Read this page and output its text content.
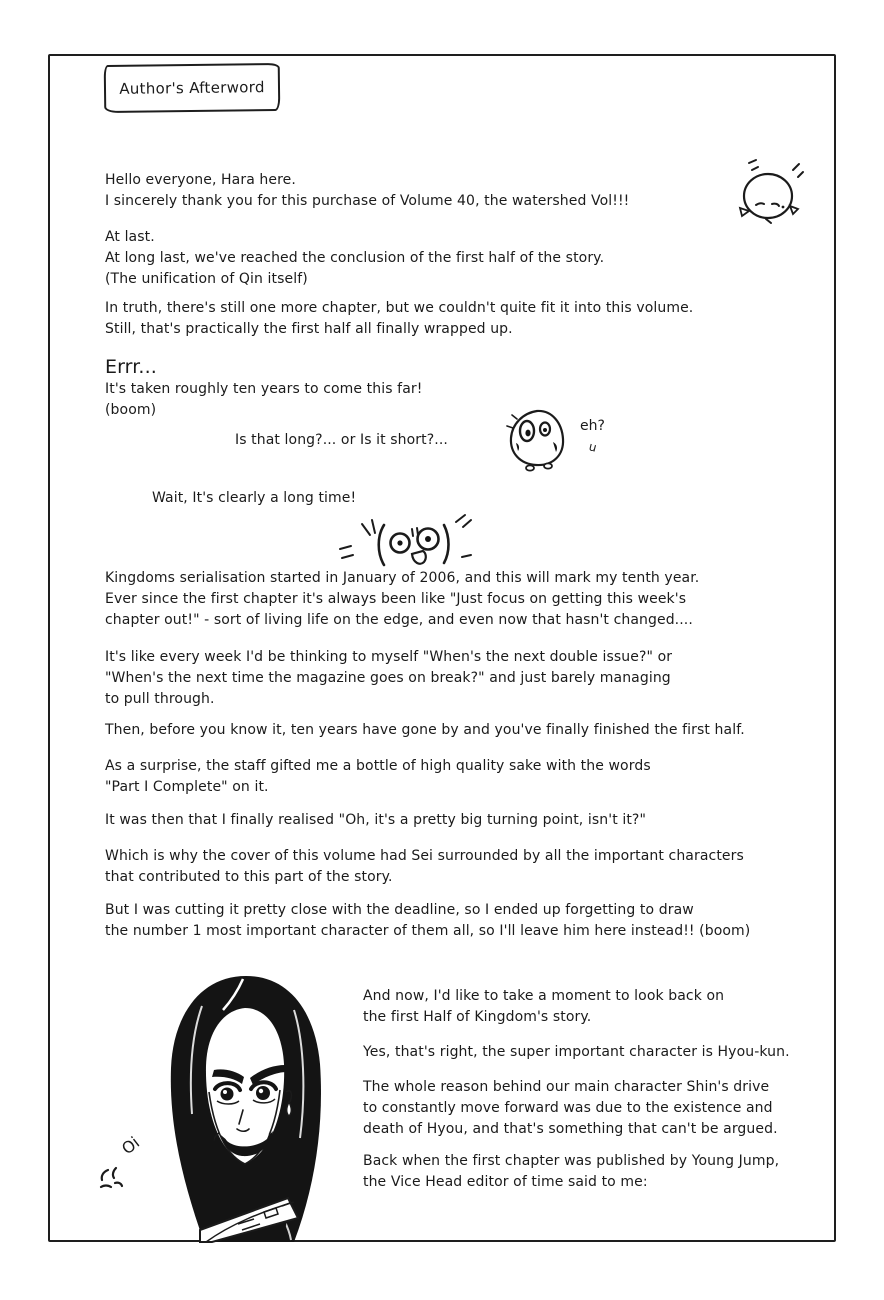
Author's Afterword
Hello everyone, Hara here.
I sincerely thank you for this purchase of Volume 40, the watershed Vol!!!
At last.
At long last, we've reached the conclusion of the first half of the story.
(The unification of Qin itself)
In truth, there's still one more chapter, but we couldn't quite fit it into this volume.
Still, that's practically the first half all finally wrapped up.
Errr...
It's taken roughly ten years to come this far!
(boom)
Is that long?... or Is it short?...
eh?
u
Wait, It's clearly a long time!
Kingdoms serialisation started in January of 2006, and this will mark my tenth year.
Ever since the first chapter it's always been like "Just focus on getting this week's
chapter out!" - sort of living life on the edge, and even now that hasn't changed....
It's like every week I'd be thinking to myself "When's the next double issue?" or
"When's the next time the magazine goes on break?" and just barely managing
to pull through.
Then, before you know it, ten years have gone by and you've finally finished the first half.
As a surprise, the staff gifted me a bottle of high quality sake with the words
"Part I Complete" on it.
It was then that I finally realised "Oh, it's a pretty big turning point, isn't it?"
Which is why the cover of this volume had Sei surrounded by all the important characters
that contributed to this part of the story.
But I was cutting it pretty close with the deadline, so I ended up forgetting to draw
the number 1 most important character of them all, so I'll leave him here instead!! (boom)
Oi
And now, I'd like to take a moment to look back on
the first Half of Kingdom's story.
Yes, that's right, the super important character is Hyou-kun.
The whole reason behind our main character Shin's drive
to constantly move forward was due to the existence and
death of Hyou, and that's something that can't be argued.
Back when the first chapter was published by Young Jump,
the Vice Head editor of time said to me:
